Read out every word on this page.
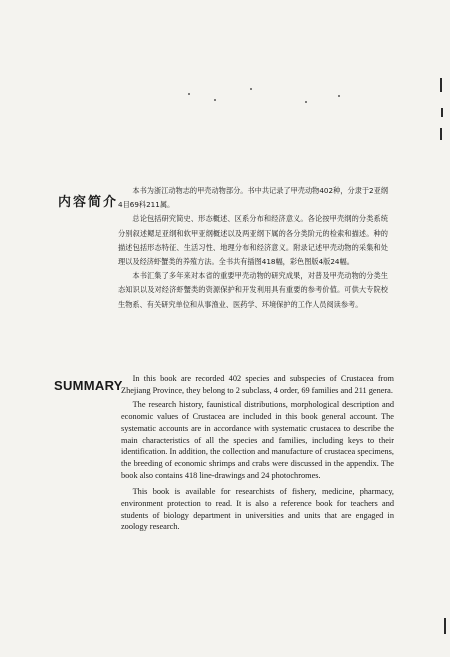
内容简介

本书为浙江动物志的甲壳动物部分。书中共记录了甲壳动物402种，分隶于2亚纲4目69科211属。

总论包括研究简史、形态概述、区系分布和经济意义。各论按甲壳纲的分类系统分别叙述鳃足亚纲和软甲亚纲概述以及两亚纲下属的各分类阶元的检索和描述。种的描述包括形态特征、生活习性、地理分布和经济意义。附录记述甲壳动物的采集和处理以及经济虾蟹类的养殖方法。全书共有插图418幅，彩色图版4版24幅。

本书汇集了多年来对本省的重要甲壳动物的研究成果，对普及甲壳动物的分类生态知识以及对经济虾蟹类的资源保护和开发利用具有重要的参考价值。可供大专院校生物系、有关研究单位和从事渔业、医药学、环境保护的工作人员阅读参考。

SUMMARY	In this book are recorded 402 species and subspecies of Crustacea from Zhejiang Province, they belong to 2 subclass, 4 order, 69 families and 211 genera.

The research history, faunistical distributions, morphological description and economic values of Crustacea are included in this book general account. The systematic accounts are in accordance with systematic crustacea to describe the main characteristics of all the species and families, including keys to their identification. In addition, the collection and manufacture of crustacea specimens, the breeding of economic shrimps and crabs were discussed in the appendix. The book also contains 418 line-drawings and 24 photochromes.

This book is available for researchists of fishery, medicine, pharmacy, environment protection to read. It is also a reference book for teachers and students of biology department in universities and units that are engaged in zoology research.
